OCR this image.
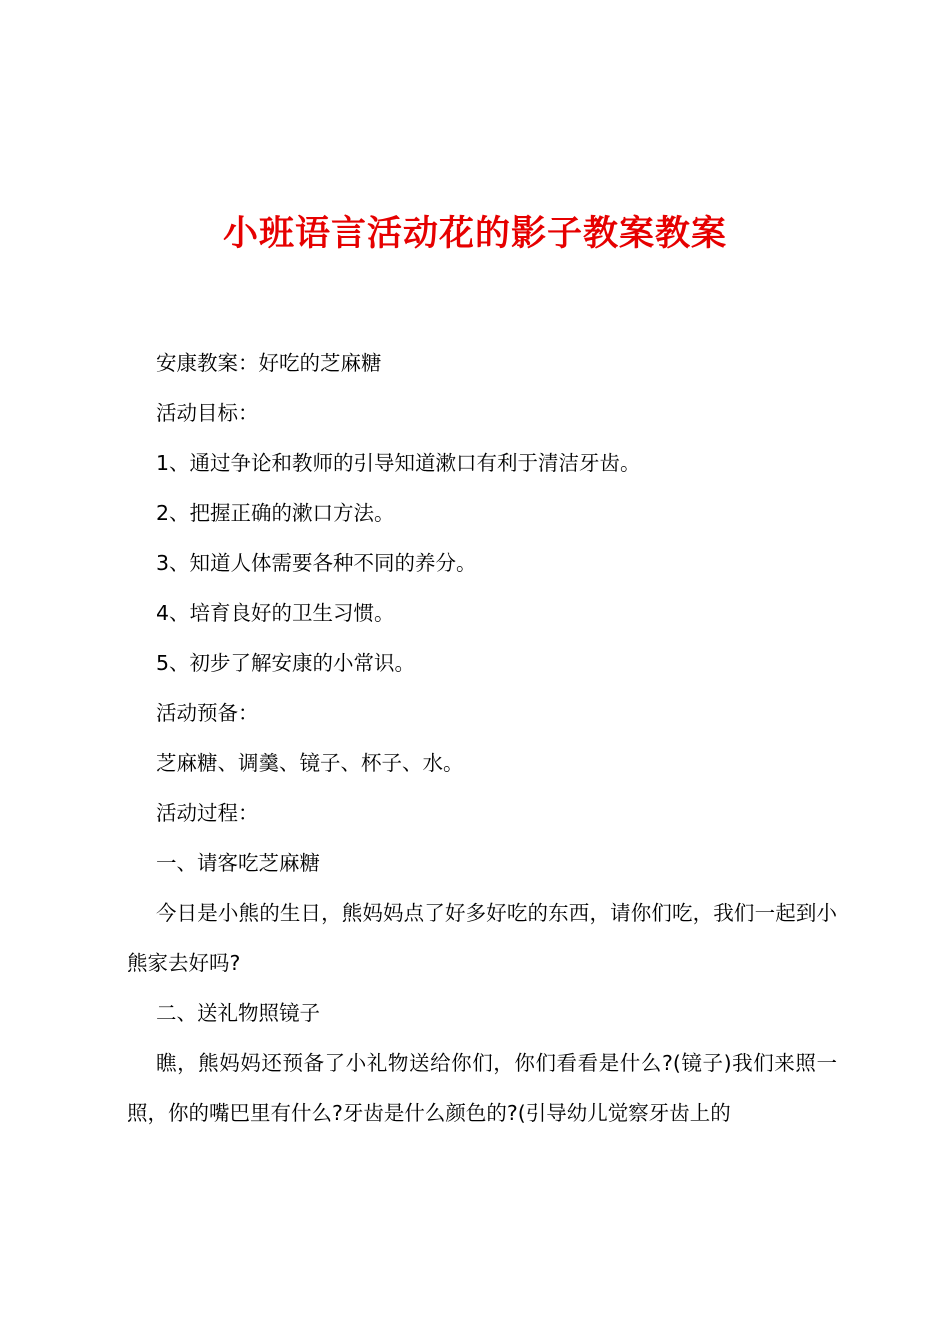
小班语言活动花的影子教案教案

安康教案：好吃的芝麻糖

活动目标：

1、通过争论和教师的引导知道漱口有利于清洁牙齿。

2、把握正确的漱口方法。

3、知道人体需要各种不同的养分。

4、培育良好的卫生习惯。

5、初步了解安康的小常识。

活动预备：

芝麻糖、调羹、镜子、杯子、水。

活动过程：

一、请客吃芝麻糖

今日是小熊的生日，熊妈妈点了好多好吃的东西，请你们吃，我们一起到小熊家去好吗?

二、送礼物照镜子

瞧，熊妈妈还预备了小礼物送给你们，你们看看是什么?(镜子)我们来照一照，你的嘴巴里有什么?牙齿是什么颜色的?(引导幼儿觉察牙齿上的
